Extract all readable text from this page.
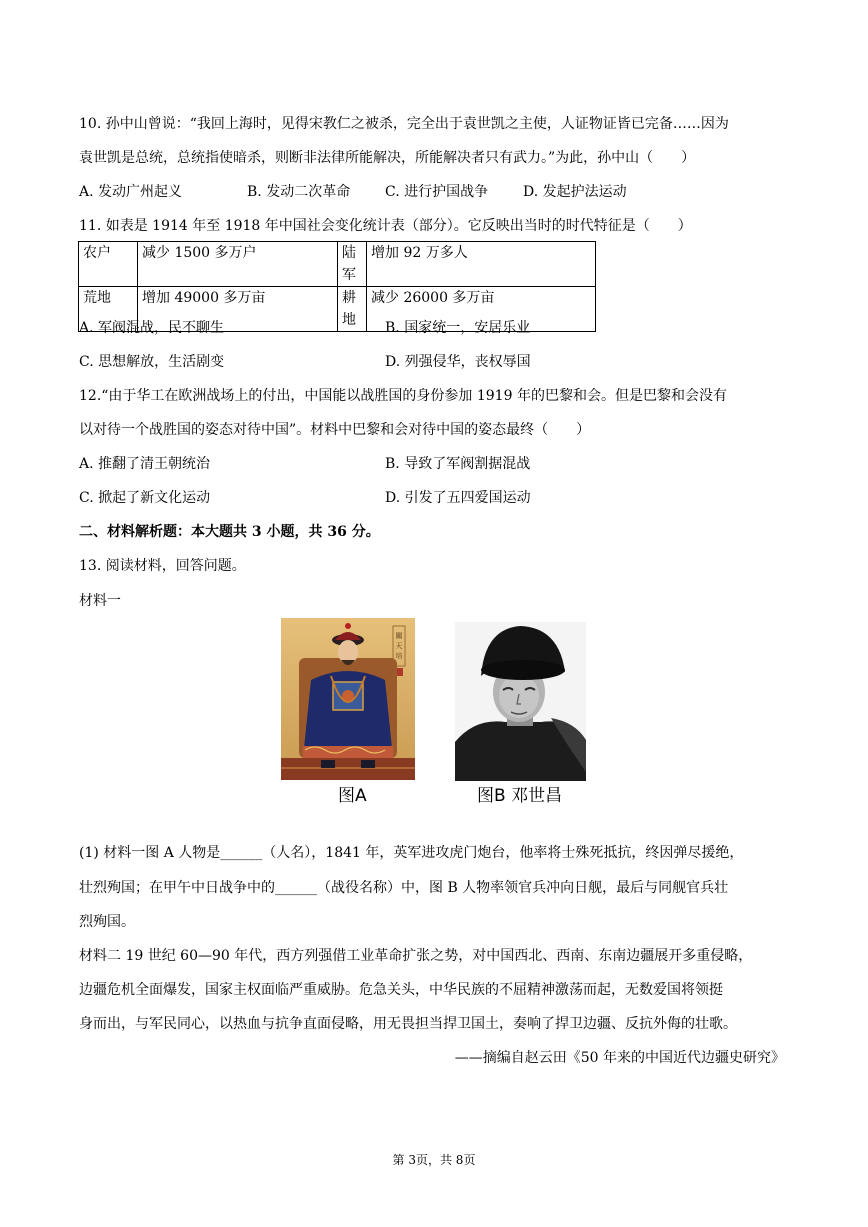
10. 孙中山曾说：“我回上海时，见得宋教仁之被杀，完全出于袁世凯之主使，人证物证皆已完备……因为
袁世凯是总统，总统指使暗杀，则断非法律所能解决，所能解决者只有武力。”为此，孙中山（　　）
A. 发动广州起义	B. 发动二次革命 C. 进行护国战争 D. 发起护法运动
11. 如表是 1914 年至 1918 年中国社会变化统计表（部分）。它反映出当时的时代特征是（　　）
农户	减少 1500 多万户	陆军	增加 92 万多人
荒地	增加 49000 多万亩	耕地	减少 26000 多万亩
A. 军阀混战，民不聊生	B. 国家统一，安居乐业
C. 思想解放，生活剧变	D. 列强侵华，丧权辱国
12.“由于华工在欧洲战场上的付出，中国能以战胜国的身份参加 1919 年的巴黎和会。但是巴黎和会没有
以对待一个战胜国的姿态对待中国”。材料中巴黎和会对待中国的姿态最终（　　）
A. 推翻了清王朝统治	B. 导致了军阀割据混战
C. 掀起了新文化运动	D. 引发了五四爱国运动
二、材料解析题：本大题共 3 小题，共 36 分。
13. 阅读材料，回答问题。
材料一
關
天
培
图A	图B 邓世昌
(1) 材料一图 A 人物是______（人名），1841 年，英军进攻虎门炮台，他率将士殊死抵抗，终因弹尽援绝，
壮烈殉国；在甲午中日战争中的______（战役名称）中，图 B 人物率领官兵冲向日舰，最后与同舰官兵壮
烈殉国。
材料二 19 世纪 60—90 年代，西方列强借工业革命扩张之势，对中国西北、西南、东南边疆展开多重侵略，
边疆危机全面爆发，国家主权面临严重威胁。危急关头，中华民族的不屈精神激荡而起，无数爱国将领挺
身而出，与军民同心，以热血与抗争直面侵略，用无畏担当捍卫国土，奏响了捍卫边疆、反抗外侮的壮歌。
——摘编自赵云田《50 年来的中国近代边疆史研究》
第 3页，共 8页
